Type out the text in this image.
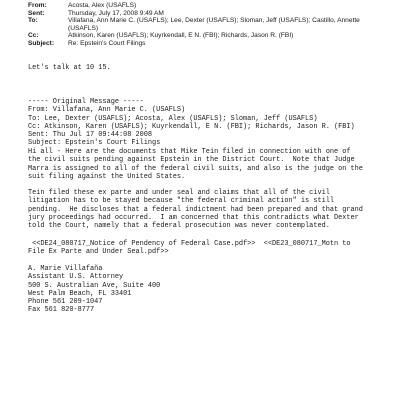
From:	Acosta, Alex (USAFLS)
Sent:	Thursday, July 17, 2008 9:49 AM
To:	Villafana, Ann Marie C. (USAFLS); Lee, Dexter (USAFLS); Sloman, Jeff (USAFLS); Castillo, Annette (USAFLS)
Cc:	Atkinson, Karen (USAFLS); Kuyrkendall, E N. (FBI); Richards, Jason R. (FBI)
Subject:	Re: Epstein's Court Filings
Let's talk at 10 15.
----- Original Message -----
From: Villafana, Ann Marie C. (USAFLS)
To: Lee, Dexter (USAFLS); Acosta, Alex (USAFLS); Sloman, Jeff (USAFLS)
Cc: Atkinson, Karen (USAFLS); Kuyrkendall, E N. (FBI); Richards, Jason R. (FBI)
Sent: Thu Jul 17 09:44:08 2008
Subject: Epstein's Court Filings
Hi all - Here are the documents that Mike Tein filed in connection with one of
the civil suits pending against Epstein in the District Court.  Note that Judge
Marra is assigned to all of the federal civil suits, and also is the judge on the
suit filing against the United States.
Tein filed these ex parte and under seal and claims that all of the civil
litigation has to be stayed because "the federal criminal action" is still
pending.  He discloses that a federal indictment had been prepared and that grand
jury proceedings had occurred.  I am concerned that this contradicts what Dexter
told the Court, namely that a federal prosecution was never contemplated.
<<DE24_080717_Notice of Pendency of Federal Case.pdf>>  <<DE23_080717_Motn to
File Ex Parte and Under Seal.pdf>>
A. Marie Villafaña
Assistant U.S. Attorney
500 S. Australian Ave, Suite 400
West Palm Beach, FL 33401
Phone 561 209-1047
Fax 561 820-8777
